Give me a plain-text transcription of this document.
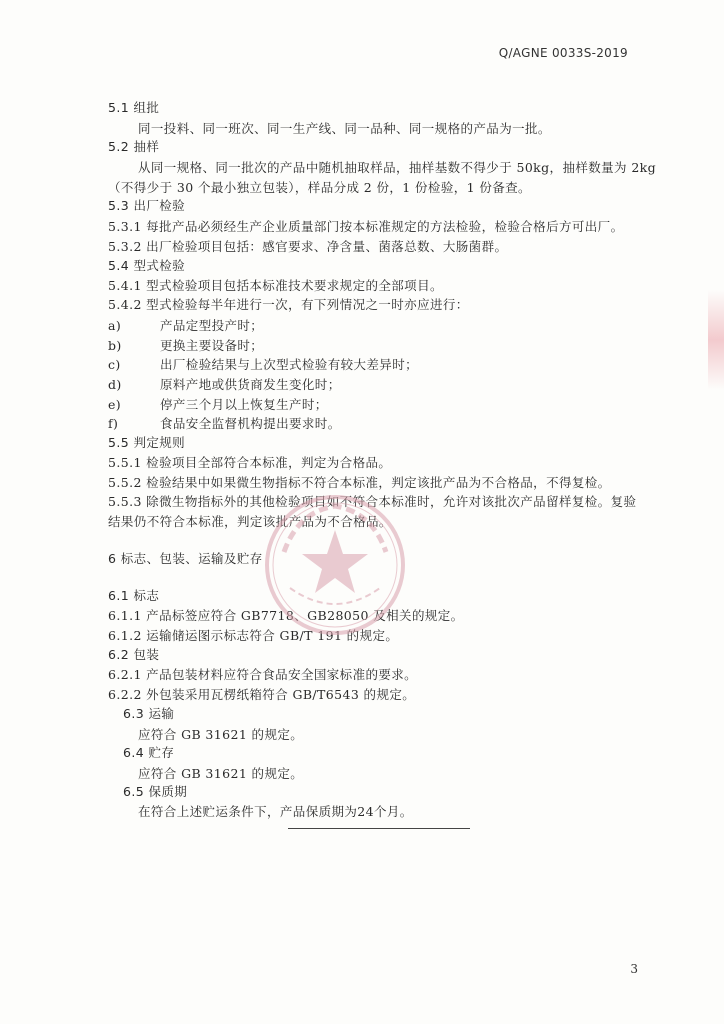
Q/AGNE 0033S-2019
5.1 组批
同一投料、同一班次、同一生产线、同一品种、同一规格的产品为一批。
5.2 抽样
从同一规格、同一批次的产品中随机抽取样品，抽样基数不得少于 50kg，抽样数量为 2kg
（不得少于 30 个最小独立包装），样品分成 2 份，1 份检验，1 份备查。
5.3 出厂检验
5.3.1 每批产品必须经生产企业质量部门按本标准规定的方法检验，检验合格后方可出厂。
5.3.2 出厂检验项目包括：感官要求、净含量、菌落总数、大肠菌群。
5.4 型式检验
5.4.1 型式检验项目包括本标准技术要求规定的全部项目。
5.4.2 型式检验每半年进行一次，有下列情况之一时亦应进行：
a)	产品定型投产时；
b)	更换主要设备时；
c)	出厂检验结果与上次型式检验有较大差异时；
d)	原料产地或供货商发生变化时；
e)	停产三个月以上恢复生产时；
f)	食品安全监督机构提出要求时。
5.5 判定规则
5.5.1 检验项目全部符合本标准，判定为合格品。
5.5.2 检验结果中如果微生物指标不符合本标准，判定该批产品为不合格品，不得复检。
5.5.3 除微生物指标外的其他检验项目如不符合本标准时，允许对该批次产品留样复检。复验
结果仍不符合本标准，判定该批产品为不合格品。
6 标志、包装、运输及贮存
6.1 标志
6.1.1 产品标签应符合 GB7718、GB28050 及相关的规定。
6.1.2 运输储运图示标志符合 GB/T 191 的规定。
6.2 包装
6.2.1 产品包装材料应符合食品安全国家标准的要求。
6.2.2 外包装采用瓦楞纸箱符合 GB/T6543 的规定。
6.3 运输
应符合 GB 31621 的规定。
6.4 贮存
应符合 GB 31621 的规定。
6.5 保质期
在符合上述贮运条件下，产品保质期为24个月。
3
